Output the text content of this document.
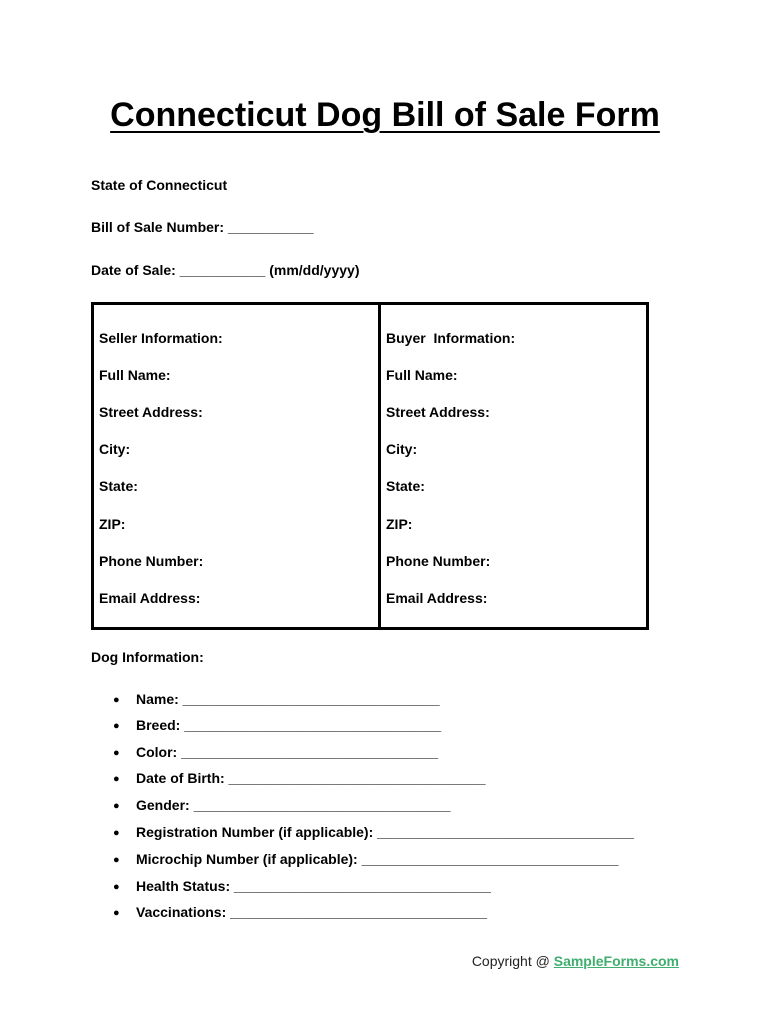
Connecticut Dog Bill of Sale Form
State of Connecticut
Bill of Sale Number: ___________
Date of Sale: ___________ (mm/dd/yyyy)
Seller Information:
Full Name:
Street Address:
City:
State:
ZIP:
Phone Number:
Email Address:
Buyer  Information:
Full Name:
Street Address:
City:
State:
ZIP:
Phone Number:
Email Address:
Dog Information:
● Name: _________________________________
● Breed: _________________________________
● Color: _________________________________
● Date of Birth: _________________________________
● Gender: _________________________________
● Registration Number (if applicable): _________________________________
● Microchip Number (if applicable): _________________________________
● Health Status: _________________________________
● Vaccinations: _________________________________
Copyright @ SampleForms.com
